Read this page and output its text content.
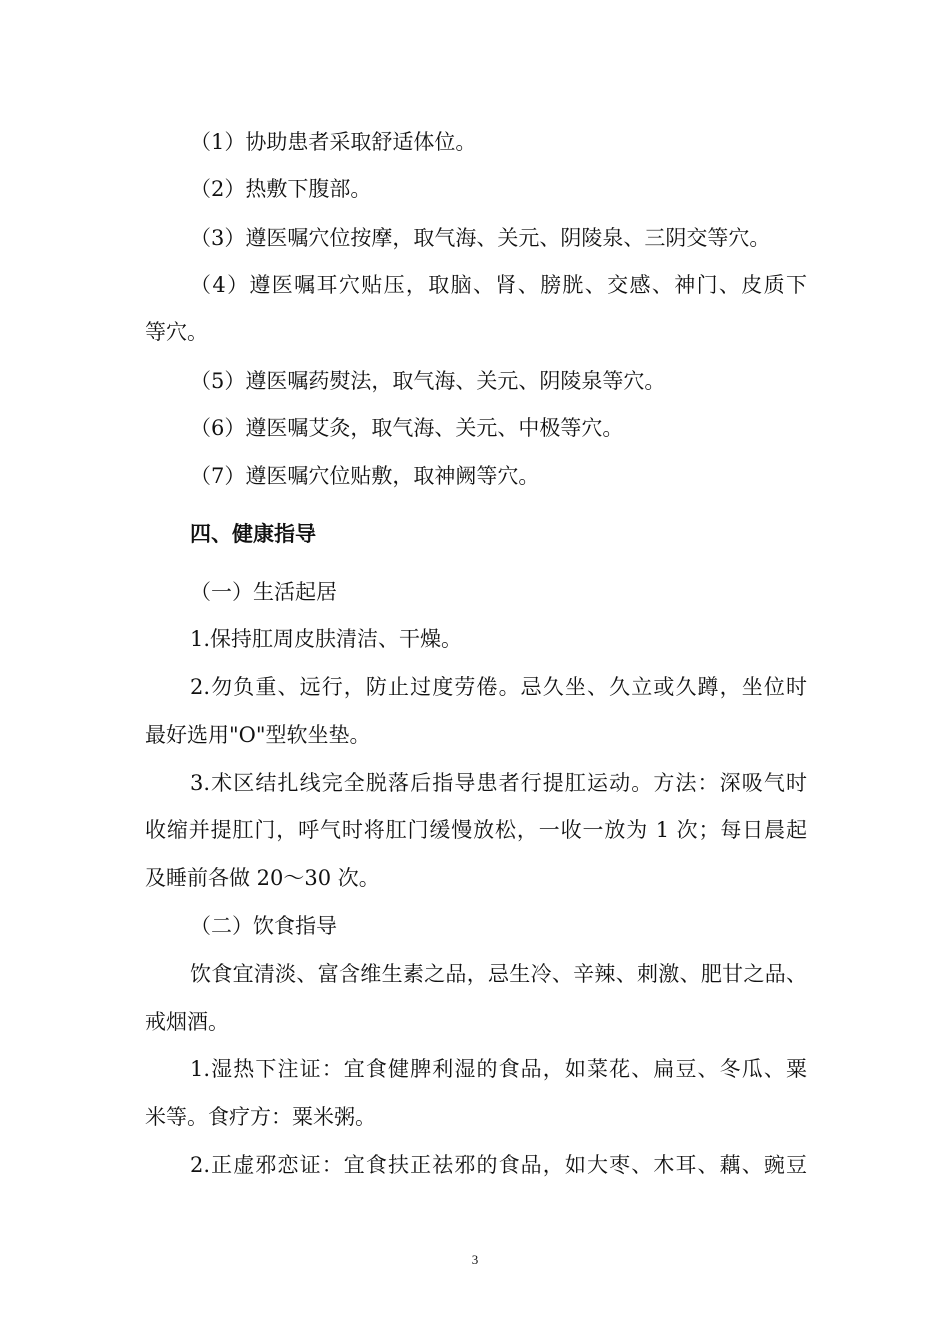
（1）协助患者采取舒适体位。
（2）热敷下腹部。
（3）遵医嘱穴位按摩，取气海、关元、阴陵泉、三阴交等穴。
（4）遵医嘱耳穴贴压，取脑、肾、膀胱、交感、神门、皮质下
等穴。
（5）遵医嘱药熨法，取气海、关元、阴陵泉等穴。
（6）遵医嘱艾灸，取气海、关元、中极等穴。
（7）遵医嘱穴位贴敷，取神阙等穴。
四、健康指导
（一）生活起居
1.保持肛周皮肤清洁、干燥。
2.勿负重、远行，防止过度劳倦。忌久坐、久立或久蹲，坐位时
最好选用"O"型软坐垫。
3.术区结扎线完全脱落后指导患者行提肛运动。方法：深吸气时
收缩并提肛门，呼气时将肛门缓慢放松，一收一放为 1 次；每日晨起
及睡前各做 20～30 次。
（二）饮食指导
饮食宜清淡、富含维生素之品，忌生冷、辛辣、刺激、肥甘之品、
戒烟酒。
1.湿热下注证：宜食健脾利湿的食品，如菜花、扁豆、冬瓜、粟
米等。食疗方：粟米粥。
2.正虚邪恋证：宜食扶正祛邪的食品，如大枣、木耳、藕、豌豆
3
